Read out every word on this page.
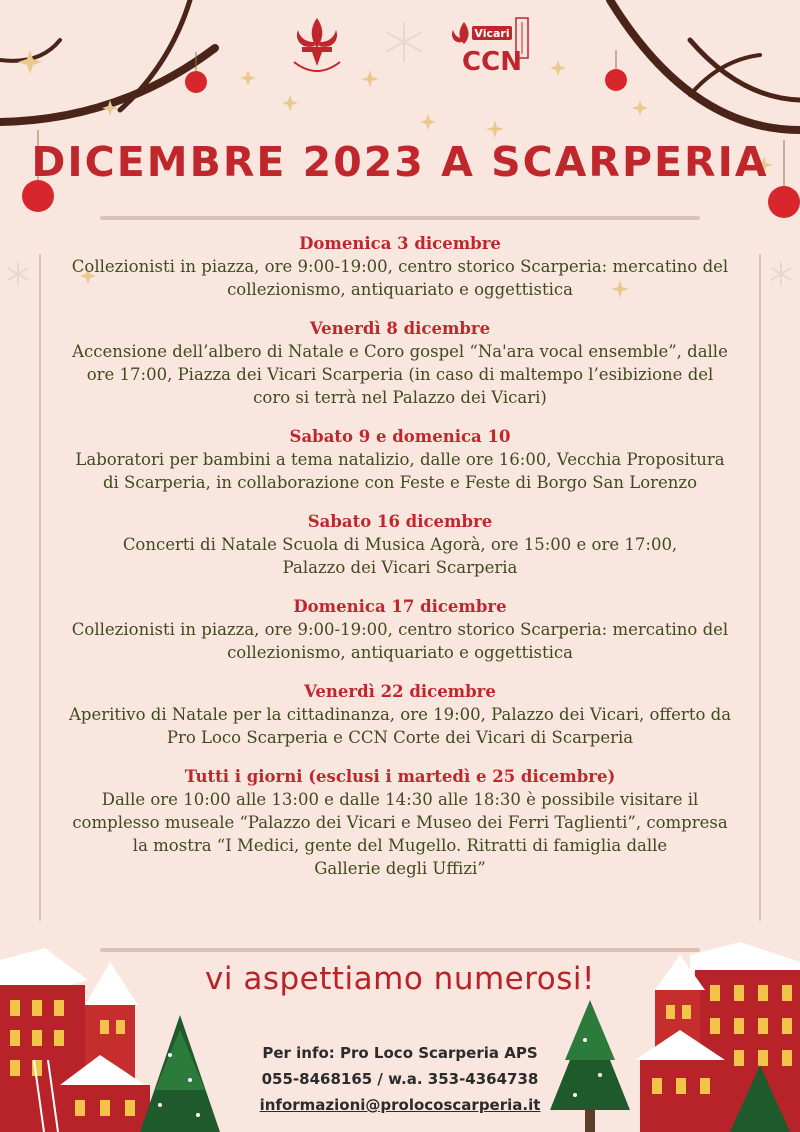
Vicari
CCN
DICEMBRE 2023 A SCARPERIA
Domenica 3 dicembre
Collezionisti in piazza, ore 9:00-19:00, centro storico Scarperia: mercatino del
collezionismo, antiquariato e oggettistica
Venerdì 8 dicembre
Accensione dell’albero di Natale e Coro gospel “Na'ara vocal ensemble”, dalle
ore 17:00, Piazza dei Vicari Scarperia (in caso di maltempo l’esibizione del
coro si terrà nel Palazzo dei Vicari)
Sabato 9 e domenica 10
Laboratori per bambini a tema natalizio, dalle ore 16:00, Vecchia Propositura
di Scarperia, in collaborazione con Feste e Feste di Borgo San Lorenzo
Sabato 16 dicembre
Concerti di Natale Scuola di Musica Agorà, ore 15:00 e ore 17:00,
Palazzo dei Vicari Scarperia
Domenica 17 dicembre
Collezionisti in piazza, ore 9:00-19:00, centro storico Scarperia: mercatino del
collezionismo, antiquariato e oggettistica
Venerdì 22 dicembre
Aperitivo di Natale per la cittadinanza, ore 19:00, Palazzo dei Vicari, offerto da
Pro Loco Scarperia e CCN Corte dei Vicari di Scarperia
Tutti i giorni (esclusi i martedì e 25 dicembre)
Dalle ore 10:00 alle 13:00 e dalle 14:30 alle 18:30 è possibile visitare il
complesso museale “Palazzo dei Vicari e Museo dei Ferri Taglienti”, compresa
la mostra “I Medici, gente del Mugello. Ritratti di famiglia dalle
Gallerie degli Uffizi”
vi aspettiamo numerosi!
Per info: Pro Loco Scarperia APS
055-8468165 / w.a. 353-4364738
informazioni@prolocoscarperia.it
